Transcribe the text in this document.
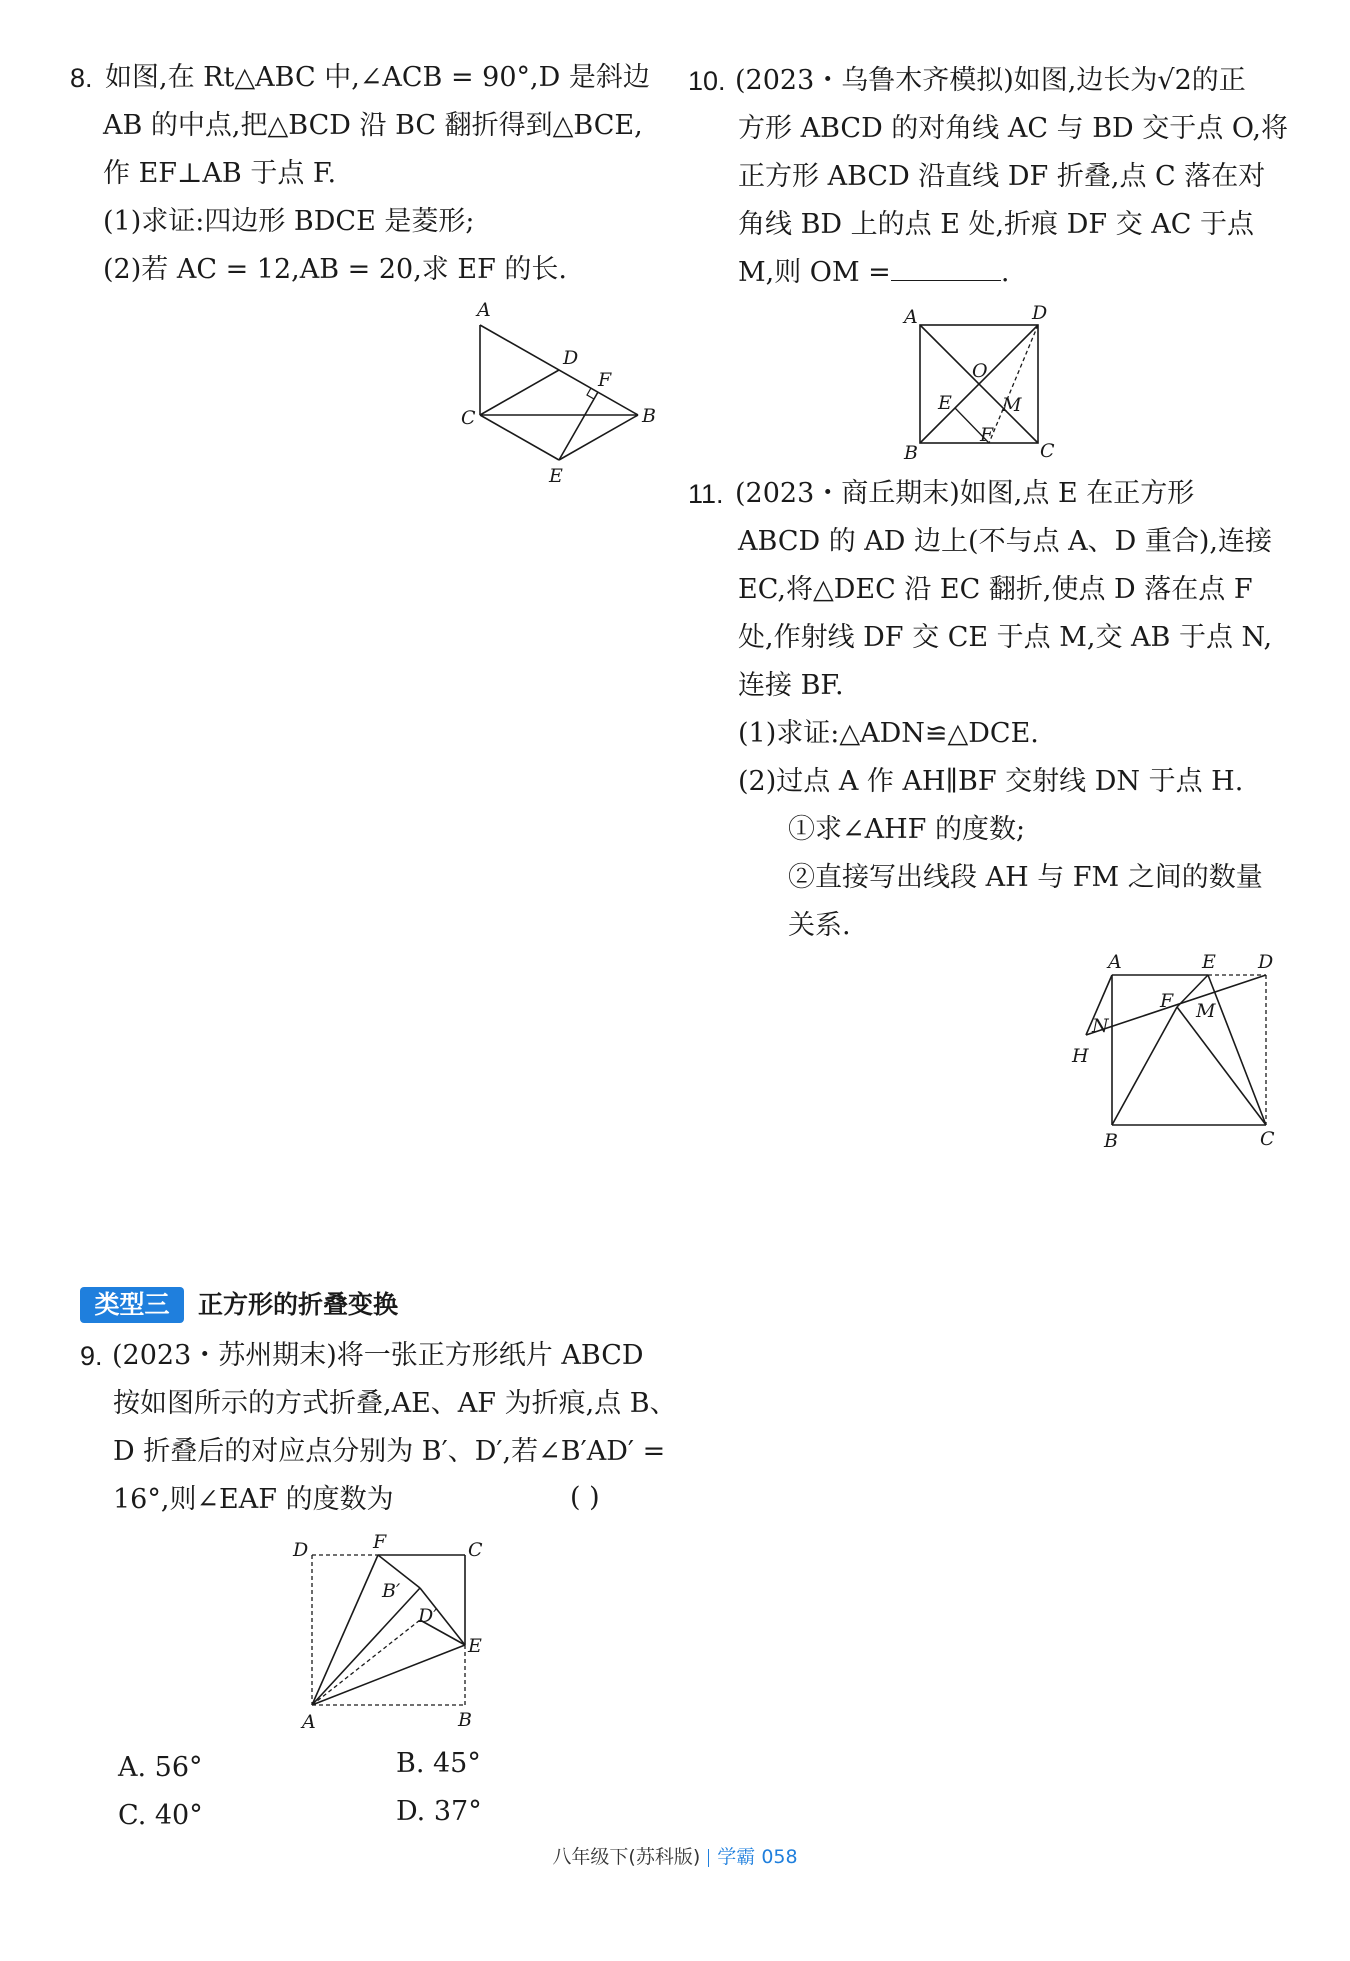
8. 如图,在 Rt△ABC 中,∠ACB = 90°,D 是斜边
AB 的中点,把△BCD 沿 BC 翻折得到△BCE,
作 EF⊥AB 于点 F.
(1)求证:四边形 BDCE 是菱形;
(2)若 AC = 12,AB = 20,求 EF 的长.
A
D
F
C	B
E
10. (2023・乌鲁木齐模拟)如图,边长为√2的正
方形 ABCD 的对角线 AC 与 BD 交于点 O,将
正方形 ABCD 沿直线 DF 折叠,点 C 落在对
角线 BD 上的点 E 处,折痕 DF 交 AC 于点
M,则 OM =	.
A	D
O
E	M
F
B	C
11. (2023・商丘期末)如图,点 E 在正方形
ABCD 的 AD 边上(不与点 A、D 重合),连接
EC,将△DEC 沿 EC 翻折,使点 D 落在点 F
处,作射线 DF 交 CE 于点 M,交 AB 于点 N,
连接 BF.
(1)求证:△ADN≌△DCE.
(2)过点 A 作 AH∥BF 交射线 DN 于点 H.
①求∠AHF 的度数;
②直接写出线段 AH 与 FM 之间的数量
关系.
A	E D
F M
N
H
B	C
类型三	正方形的折叠变换
9. (2023・苏州期末)将一张正方形纸片 ABCD
按如图所示的方式折叠,AE、AF 为折痕,点 B、
D 折叠后的对应点分别为 B′、D′,若∠B′AD′ =
16°,则∠EAF 的度数为	( )
D	F	C
B′
D′
E
A	B
A. 56°	B. 45°
C. 40°	D. 37°
八年级下(苏科版) 学霸 058
